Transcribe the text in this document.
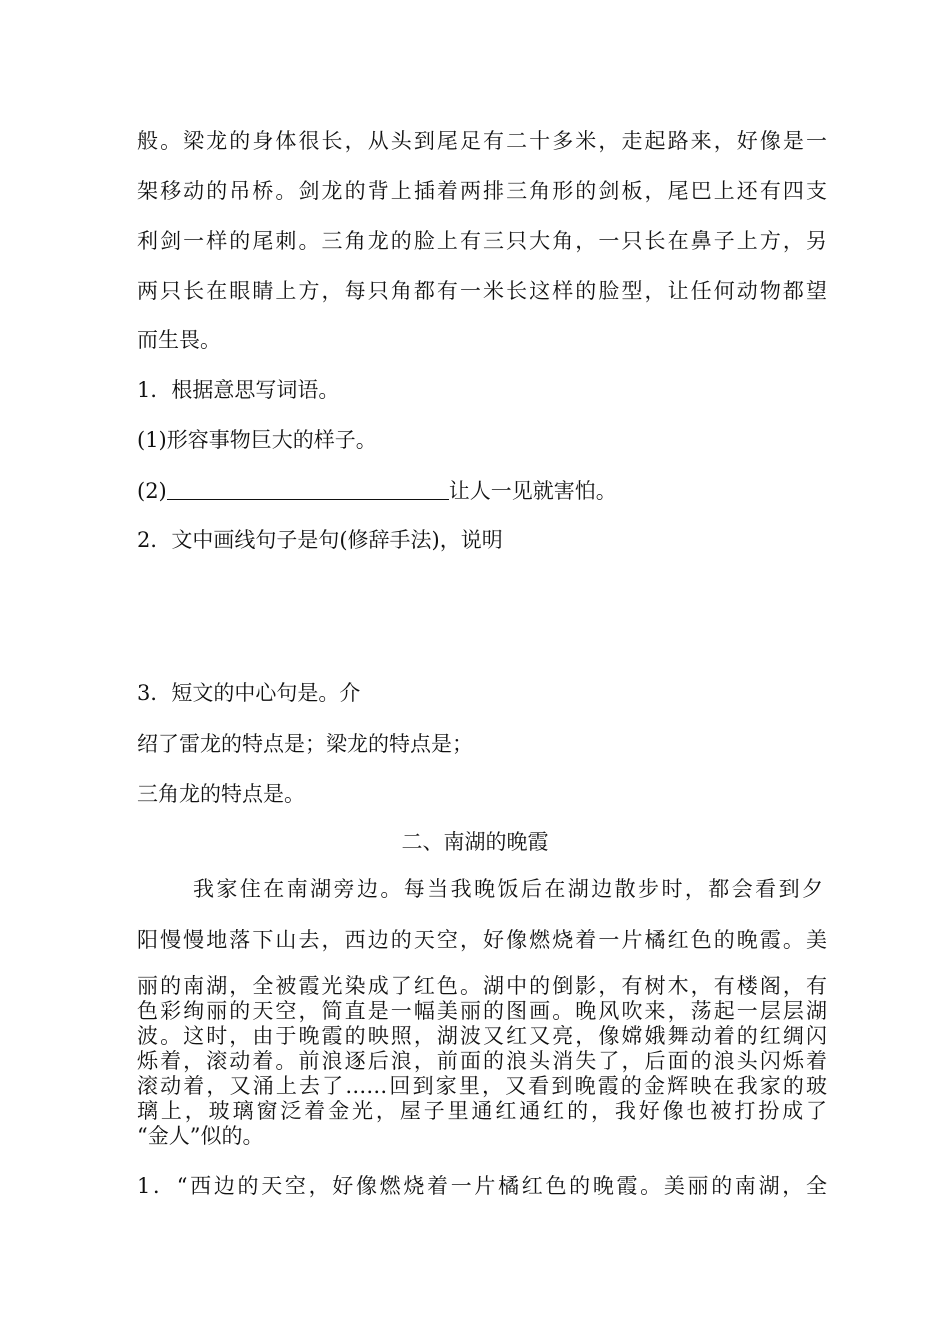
般。梁龙的身体很长，从头到尾足有二十多米，走起路来，好像是一
架移动的吊桥。剑龙的背上插着两排三角形的剑板，尾巴上还有四支
利剑一样的尾刺。三角龙的脸上有三只大角，一只长在鼻子上方，另
两只长在眼睛上方，每只角都有一米长这样的脸型，让任何动物都望
而生畏。
1．根据意思写词语。
(1)形容事物巨大的样子。
(2)	让人一见就害怕。
2．文中画线句子是句(修辞手法)，说明
3．短文的中心句是。介
绍了雷龙的特点是；梁龙的特点是；
三角龙的特点是。
二、南湖的晚霞
我家住在南湖旁边。每当我晚饭后在湖边散步时，都会看到夕
阳慢慢地落下山去，西边的天空，好像燃烧着一片橘红色的晚霞。美
丽的南湖，全被霞光染成了红色。湖中的倒影，有树木，有楼阁，有
色彩绚丽的天空，简直是一幅美丽的图画。晚风吹来，荡起一层层湖
波。这时，由于晚霞的映照，湖波又红又亮，像嫦娥舞动着的红绸闪
烁着，滚动着。前浪逐后浪，前面的浪头消失了，后面的浪头闪烁着
滚动着，又涌上去了……回到家里，又看到晚霞的金辉映在我家的玻
璃上，玻璃窗泛着金光，屋子里通红通红的，我好像也被打扮成了
“金人”似的。
1．“西边的天空，好像燃烧着一片橘红色的晚霞。美丽的南湖，全
